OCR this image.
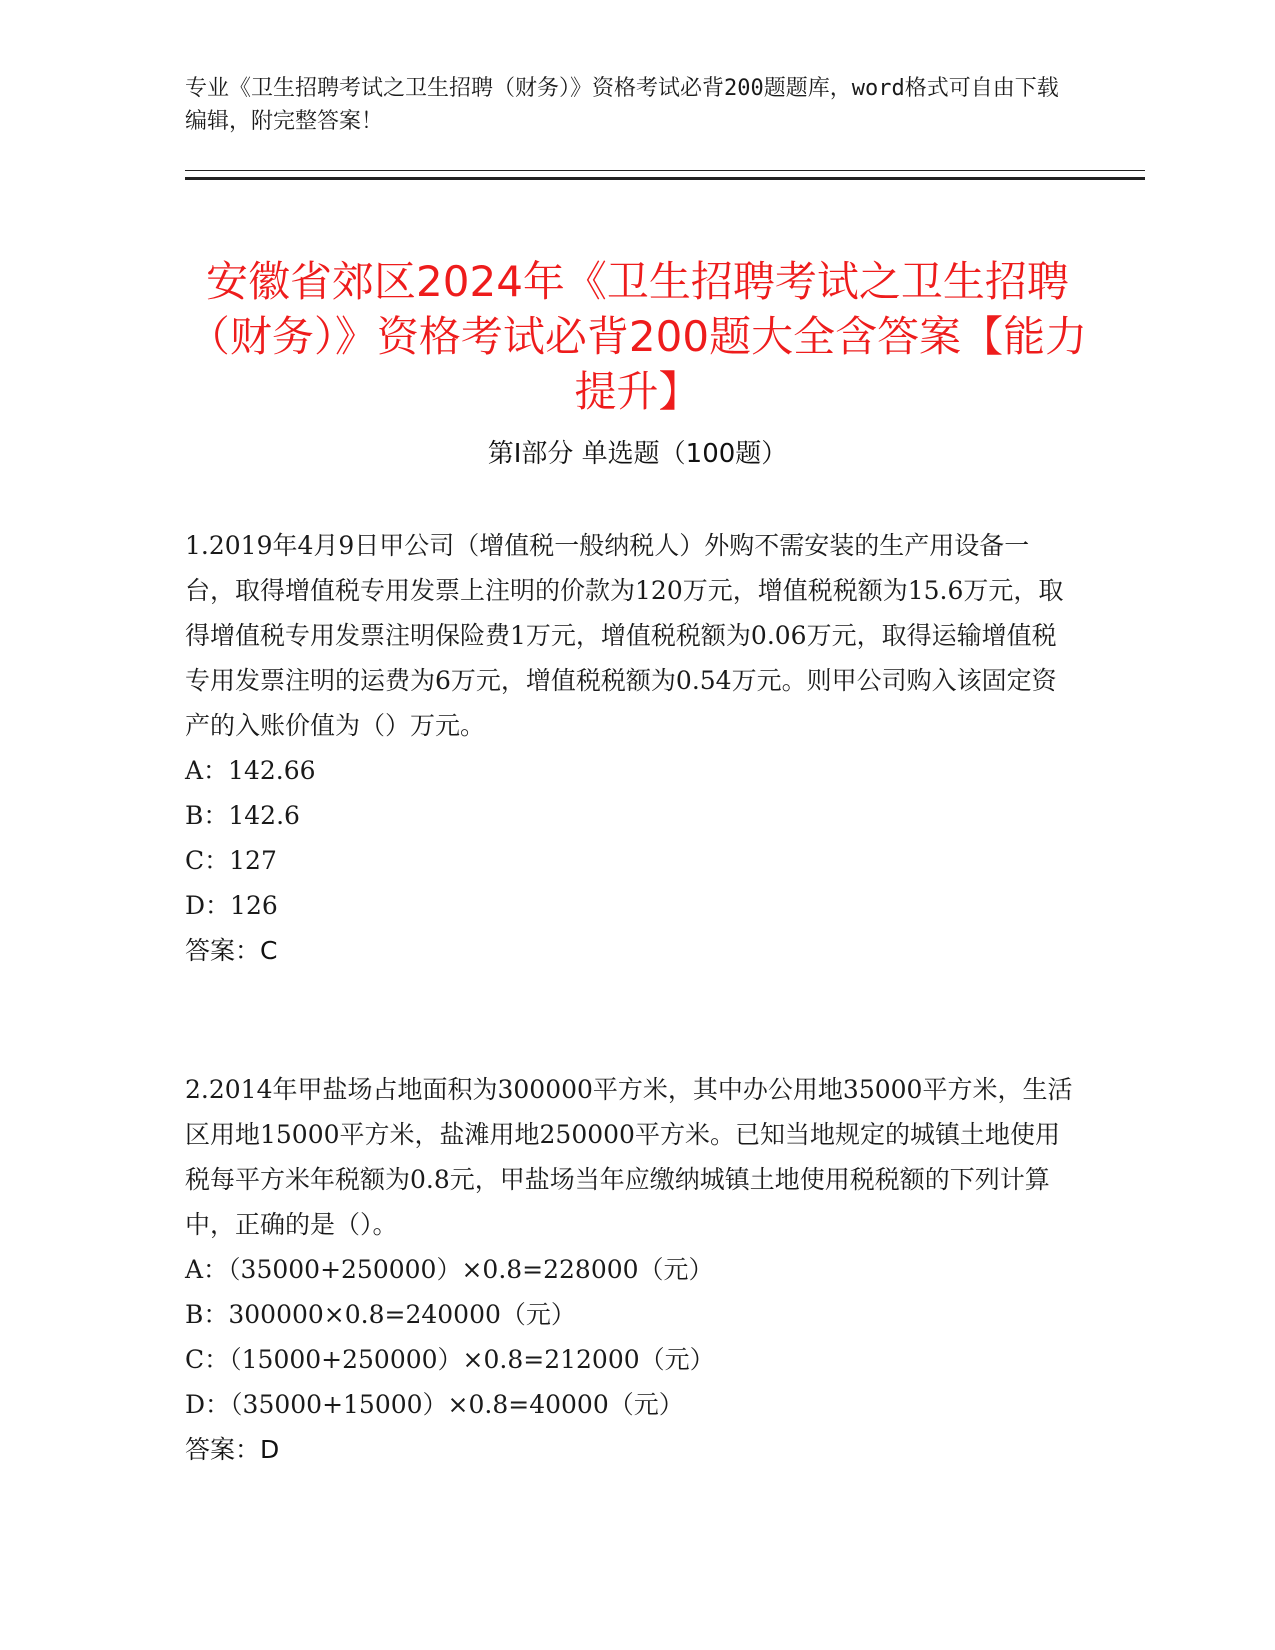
专业《卫生招聘考试之卫生招聘（财务）》资格考试必背200题题库，word格式可自由下载编辑，附完整答案！
安徽省郊区2024年《卫生招聘考试之卫生招聘（财务）》资格考试必背200题大全含答案【能力提升】
第I部分 单选题（100题）

1.2019年4月9日甲公司（增值税一般纳税人）外购不需安装的生产用设备一台，取得增值税专用发票上注明的价款为120万元，增值税税额为15.6万元，取得增值税专用发票注明保险费1万元，增值税税额为0.06万元，取得运输增值税专用发票注明的运费为6万元，增值税税额为0.54万元。则甲公司购入该固定资产的入账价值为（）万元。

A：142.66

B：142.6

C：127

D：126

答案：C

2.2014年甲盐场占地面积为300000平方米，其中办公用地35000平方米，生活区用地15000平方米，盐滩用地250000平方米。已知当地规定的城镇土地使用税每平方米年税额为0.8元，甲盐场当年应缴纳城镇土地使用税税额的下列计算中，正确的是（）。

A：（35000+250000）×0.8=228000（元）

B：300000×0.8=240000（元）

C：（15000+250000）×0.8=212000（元）

D：（35000+15000）×0.8=40000（元）

答案：D
